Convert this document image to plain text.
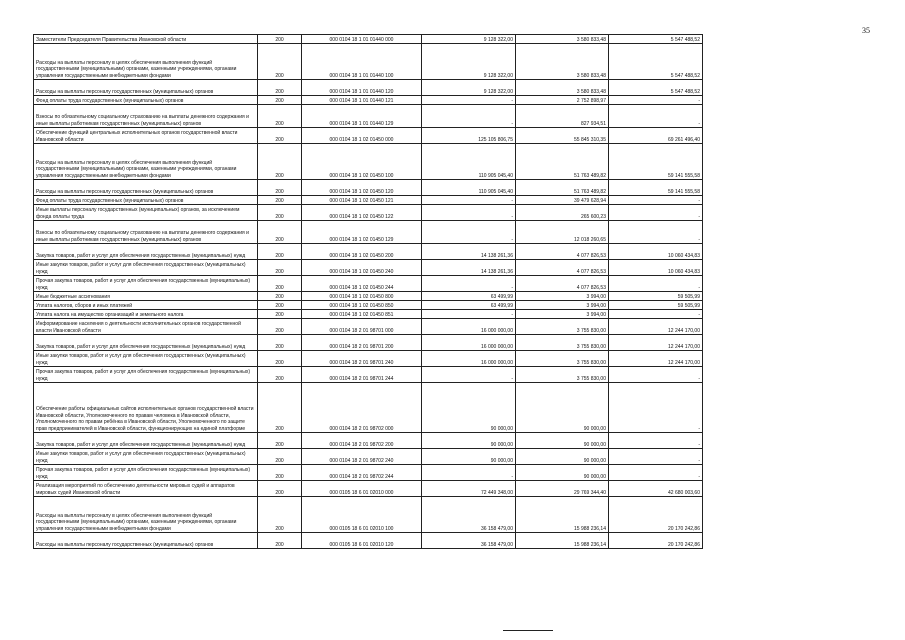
35
Заместители Председателя Правительства Ивановской области	200	000 0104 18 1 01 01440 000	9 128 322,00	3 580 833,48	5 547 488,52
Расходы на выплаты персоналу в целях обеспечения выполнения функций государственными (муниципальными) органами, казенными учреждениями, органами управления государственными внебюджетными фондами	200	000 0104 18 1 01 01440 100	9 128 322,00	3 580 833,48	5 547 488,52
Расходы на выплаты персоналу государственных (муниципальных) органов	200	000 0104 18 1 01 01440 120	9 128 322,00	3 580 833,48	5 547 488,52
Фонд оплаты труда государственных (муниципальных) органов	200	000 0104 18 1 01 01440 121	-	2 752 898,97	-
Взносы по обязательному социальному страхованию на выплаты денежного содержания и иные выплаты работникам государственных (муниципальных) органов	200	000 0104 18 1 01 01440 129	-	827 934,51	-
Обеспечение функций центральных исполнительных органов государственной власти Ивановской области	200	000 0104 18 1 02 01450 000	125 105 806,75	55 845 310,35	69 261 496,40
Расходы на выплаты персоналу в целях обеспечения выполнения функций государственными (муниципальными) органами, казенными учреждениями, органами управления государственными внебюджетными фондами	200	000 0104 18 1 02 01450 100	110 905 045,40	51 763 489,82	59 141 555,58
Расходы на выплаты персоналу государственных (муниципальных) органов	200	000 0104 18 1 02 01450 120	110 905 045,40	51 763 489,82	59 141 555,58
Фонд оплаты труда государственных (муниципальных) органов	200	000 0104 18 1 02 01450 121	-	39 479 628,94	-
Иные выплаты персоналу государственных (муниципальных) органов, за исключением фонда оплаты труда	200	000 0104 18 1 02 01450 122	-	265 600,23	-
Взносы по обязательному социальному страхованию на выплаты денежного содержания и иные выплаты работникам государственных (муниципальных) органов	200	000 0104 18 1 02 01450 129	-	12 018 260,65	-
Закупка товаров, работ и услуг для обеспечения государственных (муниципальных) нужд	200	000 0104 18 1 02 01450 200	14 138 261,36	4 077 826,53	10 060 434,83
Иные закупки товаров, работ и услуг для обеспечения государственных (муниципальных) нужд	200	000 0104 18 1 02 01450 240	14 138 261,36	4 077 826,53	10 060 434,83
Прочая закупка товаров, работ и услуг для обеспечения государственных (муниципальных) нужд	200	000 0104 18 1 02 01450 244	-	4 077 826,53	-
Иные бюджетные ассигнования	200	000 0104 18 1 02 01450 800	63 499,99	3 994,00	59 505,99
Уплата налогов, сборов и иных платежей	200	000 0104 18 1 02 01450 850	63 499,99	3 994,00	59 505,99
Уплата налога на имущество организаций и земельного налога	200	000 0104 18 1 02 01450 851	-	3 994,00	-
Информирование населения о деятельности исполнительных органов государственной власти Ивановской области	200	000 0104 18 2 01 98701 000	16 000 000,00	3 755 830,00	12 244 170,00
Закупка товаров, работ и услуг для обеспечения государственных (муниципальных) нужд	200	000 0104 18 2 01 98701 200	16 000 000,00	3 755 830,00	12 244 170,00
Иные закупки товаров, работ и услуг для обеспечения государственных (муниципальных) нужд	200	000 0104 18 2 01 98701 240	16 000 000,00	3 755 830,00	12 244 170,00
Прочая закупка товаров, работ и услуг для обеспечения государственных (муниципальных) нужд	200	000 0104 18 2 01 98701 244	-	3 755 830,00	-
Обеспечение работы официальных сайтов исполнительных органов государственной власти Ивановской области, Уполномоченного по правам человека в Ивановской области, Уполномоченного по правам ребёнка в Ивановской области, Уполномоченного по защите прав предпринимателей в Ивановской области, функционирующих на единой платформе	200	000 0104 18 2 01 98702 000	90 000,00	90 000,00	-
Закупка товаров, работ и услуг для обеспечения государственных (муниципальных) нужд	200	000 0104 18 2 01 98702 200	90 000,00	90 000,00	-
Иные закупки товаров, работ и услуг для обеспечения государственных (муниципальных) нужд	200	000 0104 18 2 01 98702 240	90 000,00	90 000,00	-
Прочая закупка товаров, работ и услуг для обеспечения государственных (муниципальных) нужд	200	000 0104 18 2 01 98702 244	-	90 000,00	-
Реализация мероприятий по обеспечению деятельности мировых судей и аппаратов мировых судей Ивановской области	200	000 0105 18 6 01 02010 000	72 449 348,00	29 769 344,40	42 680 003,60
Расходы на выплаты персоналу в целях обеспечения выполнения функций государственными (муниципальными) органами, казенными учреждениями, органами управления государственными внебюджетными фондами	200	000 0105 18 6 01 02010 100	36 158 479,00	15 988 236,14	20 170 242,86
Расходы на выплаты персоналу государственных (муниципальных) органов	200	000 0105 18 6 01 02010 120	36 158 479,00	15 988 236,14	20 170 242,86
